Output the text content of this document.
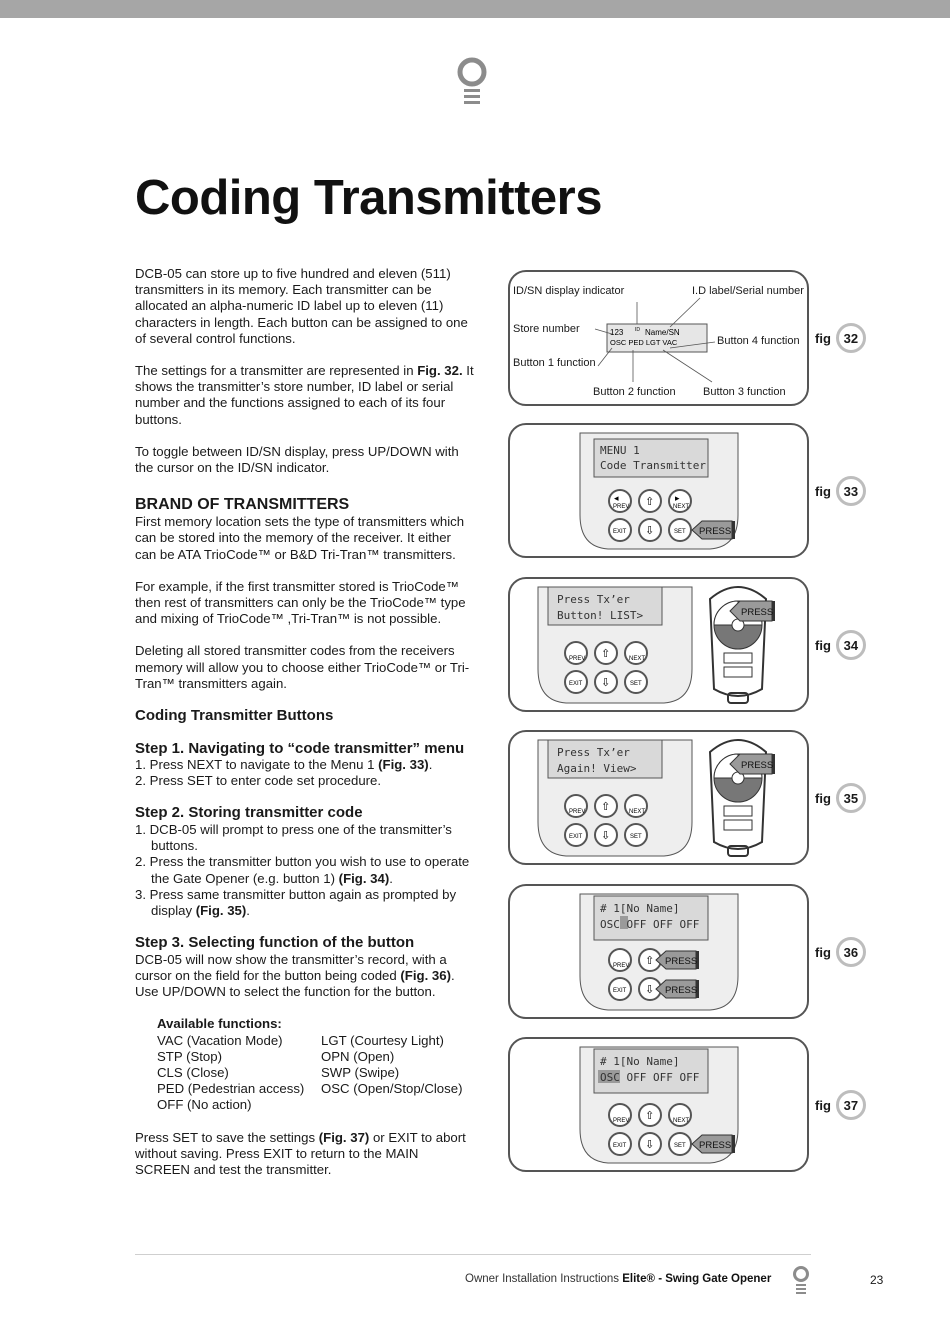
Coding Transmitters

DCB-05 can store up to five hundred and eleven (511) transmitters in its memory. Each transmitter can be allocated an alpha-numeric ID label up to eleven (11) characters in length. Each button can be assigned to one of several control functions.

The settings for a transmitter are represented in Fig. 32. It shows the transmitter’s store number, ID label or serial number and the functions assigned to each of its four buttons.

To toggle between ID/SN display, press UP/DOWN with the cursor on the ID/SN indicator.

BRAND OF TRANSMITTERS

First memory location sets the type of transmitters which can be stored into the memory of the receiver. It either can be ATA TrioCode™ or B&D Tri-Tran™ transmitters.

For example, if the first transmitter stored is TrioCode™ then rest of transmitters can only be the TrioCode™ type and mixing of TrioCode™ ,Tri-Tran™ is not possible.

Deleting all stored transmitter codes from the receivers memory will allow you to choose either TrioCode™ or Tri-Tran™ transmitters again.

Coding Transmitter Buttons
Step 1. Navigating to “code transmitter” menu
1. Press NEXT to navigate to the Menu 1 (Fig. 33).
2. Press SET to enter code set procedure.
Step 2. Storing transmitter code
1. DCB-05 will prompt to press one of the transmitter’s buttons.
2. Press the transmitter button you wish to use to operate the Gate Opener (e.g. button 1) (Fig. 34).
3. Press same transmitter button again as prompted by display (Fig. 35).
Step 3. Selecting function of the button

DCB-05 will now show the transmitter’s record, with a cursor on the field for the button being coded (Fig. 36). Use UP/DOWN to select the function for the button.

Available functions:
VAC (Vacation Mode)	LGT (Courtesy Light)
STP (Stop)	OPN (Open)
CLS (Close)	SWP (Swipe)
PED (Pedestrian access)	OSC (Open/Stop/Close)
OFF (No action)

Press SET to save the settings (Fig. 37) or EXIT to abort without saving. Press EXIT to return to the MAIN SCREEN and test the transmitter.

123 ID Name/SN
OSC PED LGT VAC
ID/SN display indicator	I.D label/Serial number
Store number
Button 4 function
Button 1 function
Button 2 function Button 3 function
fig 32
MENU 1
Code Transmitter
PREV
◂ ⇧	NEXT
▸
EXIT ⇩	SET PRESS
fig 33
Press Tx’er
Button! LIST>
PREV ⇧	NEXT
EXIT ⇩	SET
PRESS
fig 34
Press Tx’er
Again! View>
PREV ⇧	NEXT
EXIT ⇩	SET
PRESS
fig 35
# 1[No Name]
OSC OFF OFF OFF
PREV ⇧
EXIT ⇩
PRESS
PRESS
fig 36
# 1[No Name]
OSC OFF OFF OFF
PREV ⇧	NEXT
EXIT ⇩	SET PRESS
fig 37
Owner Installation Instructions Elite® - Swing Gate Opener	23
